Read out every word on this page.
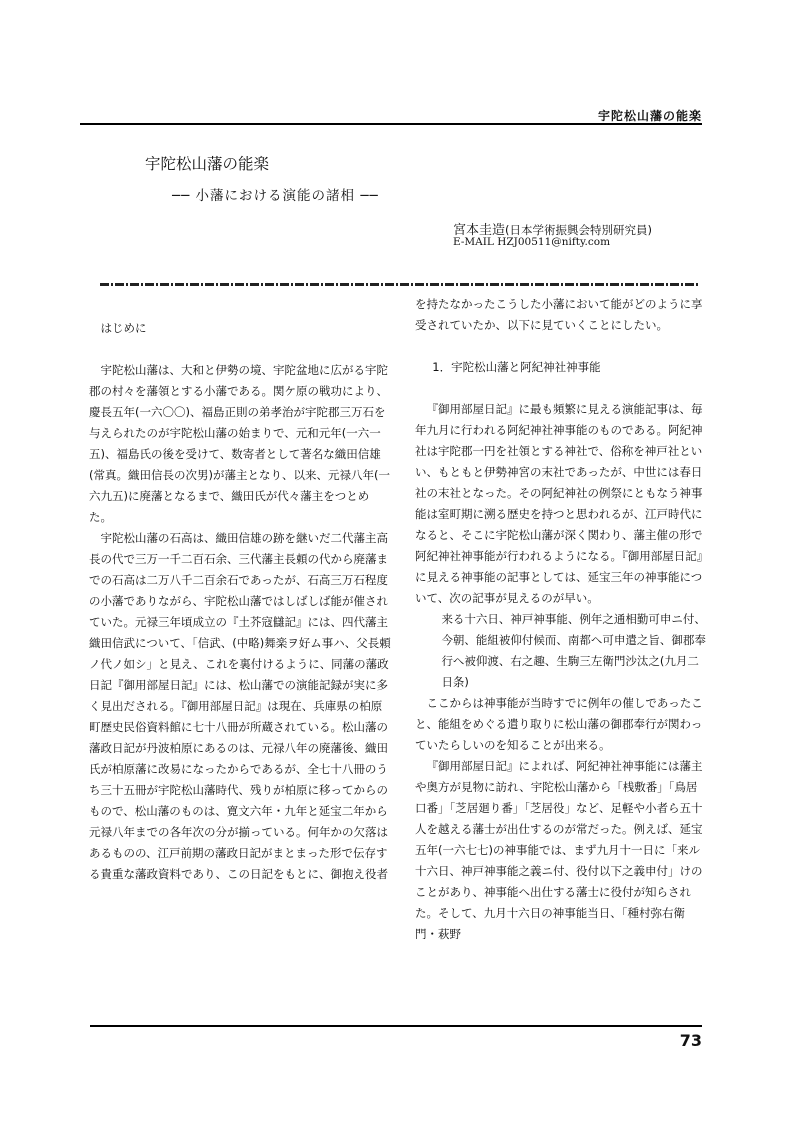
宇陀松山藩の能楽
宇陀松山藩の能楽
── 小藩における演能の諸相 ──
宮本圭造(日本学術振興会特別研究員)
E-MAIL HZJ00511@nifty.com

はじめに

宇陀松山藩は、大和と伊勢の境、宇陀盆地に広がる宇陀郡の村々を藩領とする小藩である。関ケ原の戦功により、慶長五年(一六〇〇)、福島正則の弟孝治が宇陀郡三万石を与えられたのが宇陀松山藩の始まりで、元和元年(一六一五)、福島氏の後を受けて、数寄者として著名な織田信雄(常真。織田信長の次男)が藩主となり、以来、元禄八年(一六九五)に廃藩となるまで、織田氏が代々藩主をつとめた。

宇陀松山藩の石高は、織田信雄の跡を継いだ二代藩主高長の代で三万一千二百石余、三代藩主長頼の代から廃藩までの石高は二万八千二百余石であったが、石高三万石程度の小藩でありながら、宇陀松山藩ではしばしば能が催されていた。元禄三年頃成立の『土芥寇讎記』には、四代藩主織田信武について、「信武、(中略)舞楽ヲ好ム事ハ、父長頼ノ代ノ如シ」と見え、これを裏付けるように、同藩の藩政日記『御用部屋日記』には、松山藩での演能記録が実に多く見出だされる。『御用部屋日記』は現在、兵庫県の柏原町歴史民俗資料館に七十八冊が所蔵されている。松山藩の藩政日記が丹波柏原にあるのは、元禄八年の廃藩後、織田氏が柏原藩に改易になったからであるが、全七十八冊のうち三十五冊が宇陀松山藩時代、残りが柏原に移ってからのもので、松山藩のものは、寛文六年・九年と延宝二年から元禄八年までの各年次の分が揃っている。何年かの欠落はあるものの、江戸前期の藩政日記がまとまった形で伝存する貴重な藩政資料であり、この日記をもとに、御抱え役者

を持たなかったこうした小藩において能がどのように享受されていたか、以下に見ていくことにしたい。

1．宇陀松山藩と阿紀神社神事能

『御用部屋日記』に最も頻繁に見える演能記事は、毎年九月に行われる阿紀神社神事能のものである。阿紀神社は宇陀郡一円を社領とする神社で、俗称を神戸社といい、もともと伊勢神宮の末社であったが、中世には春日社の末社となった。その阿紀神社の例祭にともなう神事能は室町期に溯る歴史を持つと思われるが、江戸時代になると、そこに宇陀松山藩が深く関わり、藩主催の形で阿紀神社神事能が行われるようになる。『御用部屋日記』に見える神事能の記事としては、延宝三年の神事能について、次の記事が見えるのが早い。

来る十六日、神戸神事能、例年之通相勤可申ニ付、今朝、能組被仰付候而、南都へ可申遣之旨、御郡奉行へ被仰渡、右之趣、生駒三左衛門沙汰之(九月二日条)

ここからは神事能が当時すでに例年の催しであったこと、能組をめぐる遣り取りに松山藩の御郡奉行が関わっていたらしいのを知ることが出来る。

『御用部屋日記』によれば、阿紀神社神事能には藩主や奥方が見物に訪れ、宇陀松山藩から「桟敷番」「鳥居口番」「芝居廻り番」「芝居役」など、足軽や小者ら五十人を越える藩士が出仕するのが常だった。例えば、延宝五年(一六七七)の神事能では、まず九月十一日に「来ル十六日、神戸神事能之義ニ付、役付以下之義申付」けのことがあり、神事能へ出仕する藩士に役付が知らされた。そして、九月十六日の神事能当日、「種村弥右衛門・萩野

73
